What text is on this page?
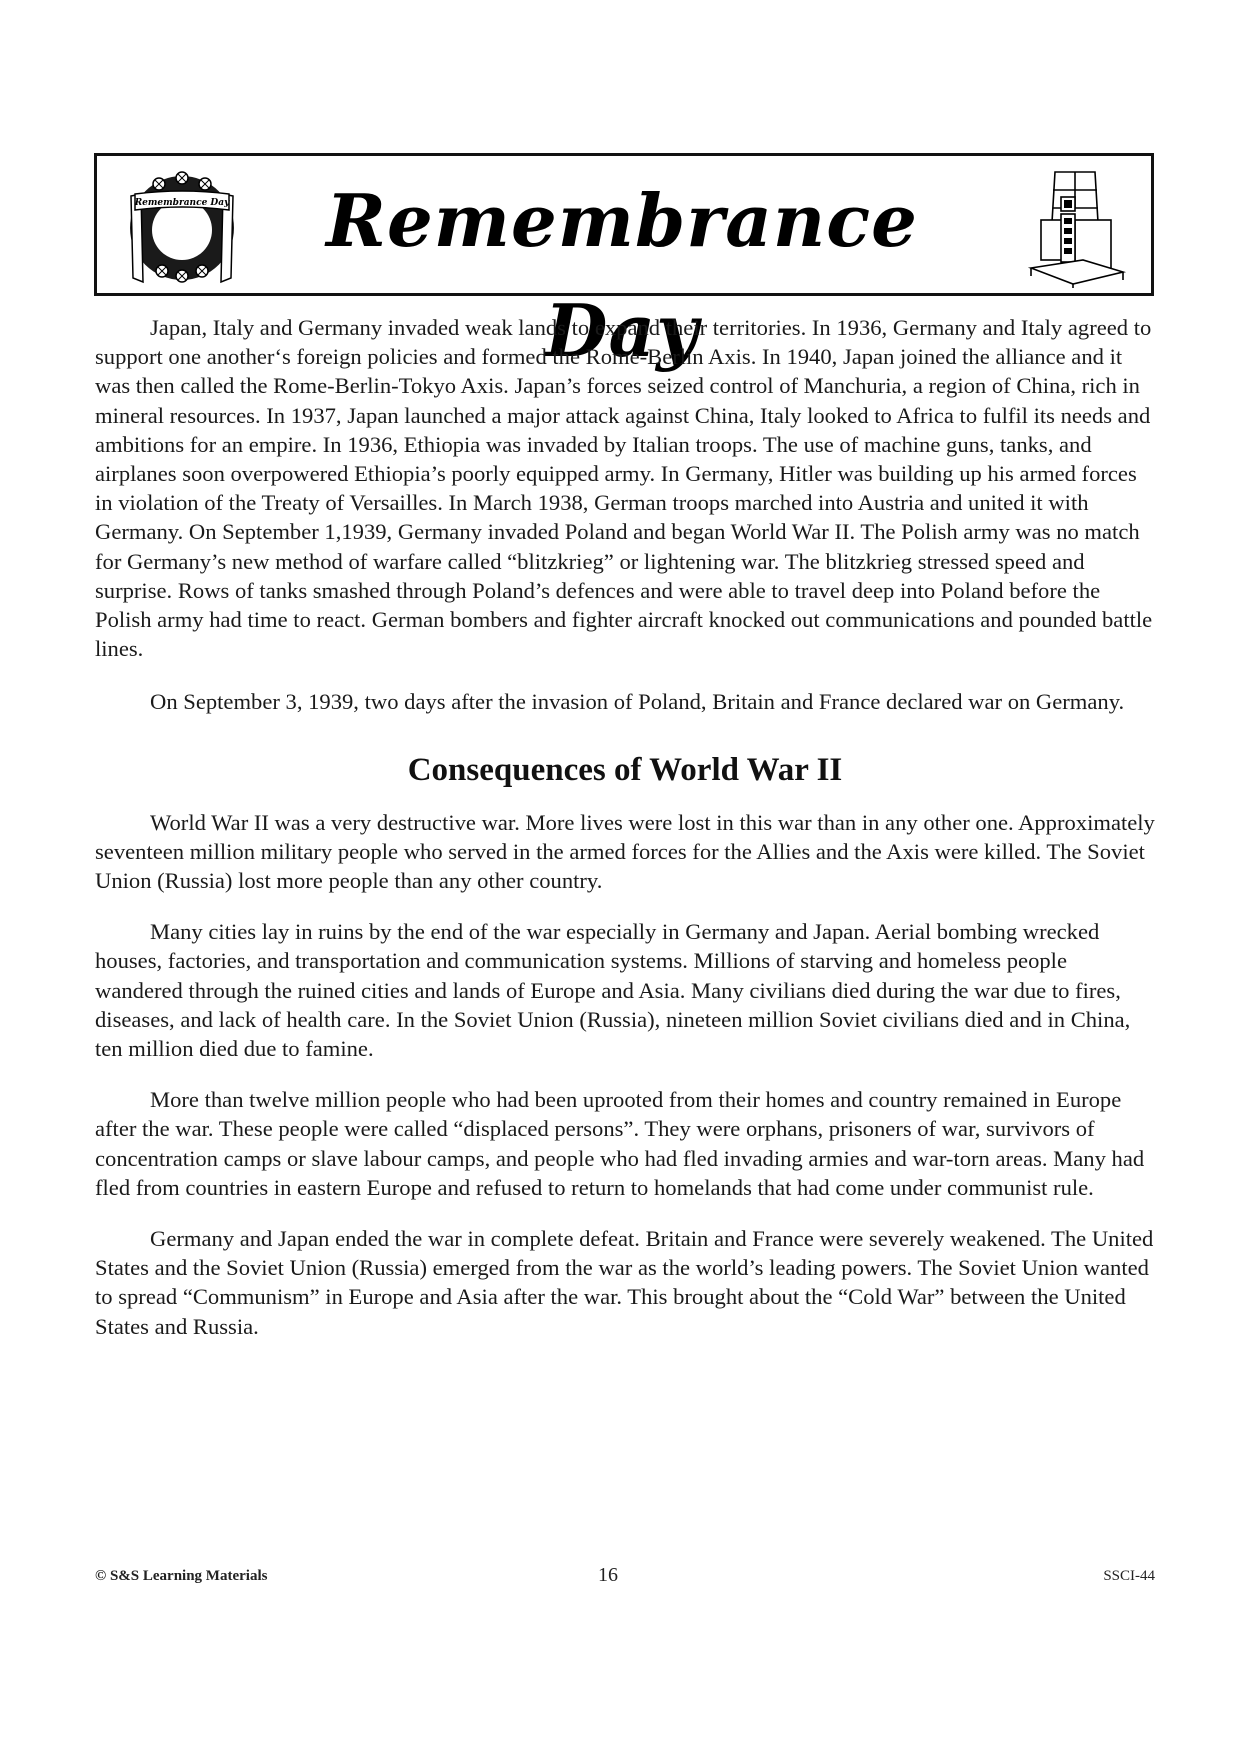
Remembrance Day	Remembrance Day

Japan, Italy and Germany invaded weak lands to expand their territories. In 1936, Germany and Italy agreed to support one another‘s foreign policies and formed the Rome-Berlin Axis. In 1940, Japan joined the alliance and it was then called the Rome-Berlin-Tokyo Axis. Japan’s forces seized control of Manchuria, a region of China, rich in mineral resources. In 1937, Japan launched a major attack against China, Italy looked to Africa to fulfil its needs and ambitions for an empire. In 1936, Ethiopia was invaded by Italian troops. The use of machine guns, tanks, and airplanes soon overpowered Ethiopia’s poorly equipped army. In Germany, Hitler was building up his armed forces in violation of the Treaty of Versailles. In March 1938, German troops marched into Austria and united it with Germany. On September 1,1939, Germany invaded Poland and began World War II. The Polish army was no match for Germany’s new method of warfare called “blitzkrieg” or lightening war. The blitzkrieg stressed speed and surprise. Rows of tanks smashed through Poland’s defences and were able to travel deep into Poland before the Polish army had time to react. German bombers and fighter aircraft knocked out communications and pounded battle lines.

On September 3, 1939, two days after the invasion of Poland, Britain and France declared war on Germany.

Consequences of World War II

World War II was a very destructive war. More lives were lost in this war than in any other one. Approximately seventeen million military people who served in the armed forces for the Allies and the Axis were killed. The Soviet Union (Russia) lost more people than any other country.

Many cities lay in ruins by the end of the war especially in Germany and Japan. Aerial bombing wrecked houses, factories, and transportation and communication systems. Millions of starving and homeless people wandered through the ruined cities and lands of Europe and Asia. Many civilians died during the war due to fires, diseases, and lack of health care. In the Soviet Union (Russia), nineteen million Soviet civilians died and in China, ten million died due to famine.

More than twelve million people who had been uprooted from their homes and country remained in Europe after the war. These people were called “displaced persons”. They were orphans, prisoners of war, survivors of concentration camps or slave labour camps, and people who had fled invading armies and war-torn areas. Many had fled from countries in eastern Europe and refused to return to homelands that had come under communist rule.

Germany and Japan ended the war in complete defeat. Britain and France were severely weakened. The United States and the Soviet Union (Russia) emerged from the war as the world’s leading powers. The Soviet Union wanted to spread “Communism” in Europe and Asia after the war. This brought about the “Cold War” between the United States and Russia.

© S&S Learning Materials	16	SSCI-44
